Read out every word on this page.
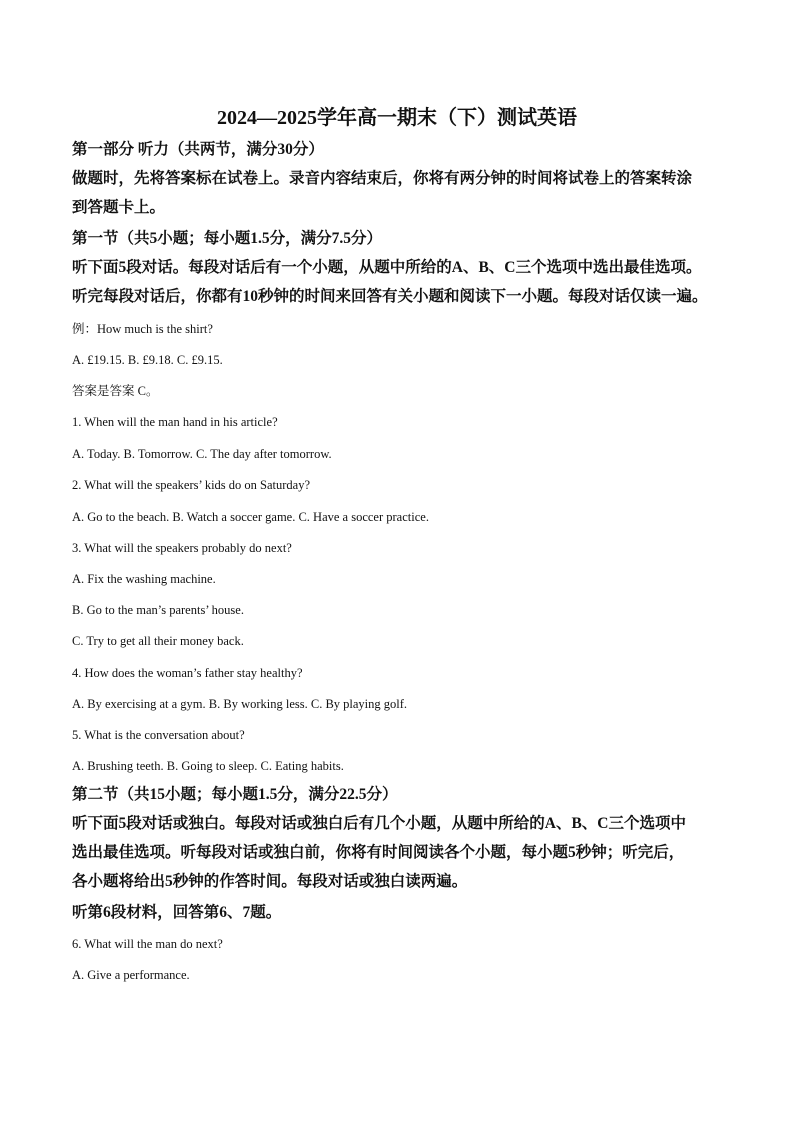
2024—2025学年高一期末（下）测试英语
第一部分 听力（共两节，满分30分）
做题时，先将答案标在试卷上。录音内容结束后，你将有两分钟的时间将试卷上的答案转涂
到答题卡上。
第一节（共5小题；每小题1.5分，满分7.5分）
听下面5段对话。每段对话后有一个小题，从题中所给的A、B、C三个选项中选出最佳选项。
听完每段对话后，你都有10秒钟的时间来回答有关小题和阅读下一小题。每段对话仅读一遍。
例：How much is the shirt?
A. £19.15. B. £9.18. C. £9.15.
答案是答案 C。
1. When will the man hand in his article?
A. Today. B. Tomorrow. C. The day after tomorrow.
2. What will the speakers’ kids do on Saturday?
A. Go to the beach. B. Watch a soccer game. C. Have a soccer practice.
3. What will the speakers probably do next?
A. Fix the washing machine.
B. Go to the man’s parents’ house.
C. Try to get all their money back.
4. How does the woman’s father stay healthy?
A. By exercising at a gym. B. By working less. C. By playing golf.
5. What is the conversation about?
A. Brushing teeth. B. Going to sleep. C. Eating habits.
第二节（共15小题；每小题1.5分，满分22.5分）
听下面5段对话或独白。每段对话或独白后有几个小题，从题中所给的A、B、C三个选项中
选出最佳选项。听每段对话或独白前，你将有时间阅读各个小题，每小题5秒钟；听完后，
各小题将给出5秒钟的作答时间。每段对话或独白读两遍。
听第6段材料，回答第6、7题。
6. What will the man do next?
A. Give a performance.
